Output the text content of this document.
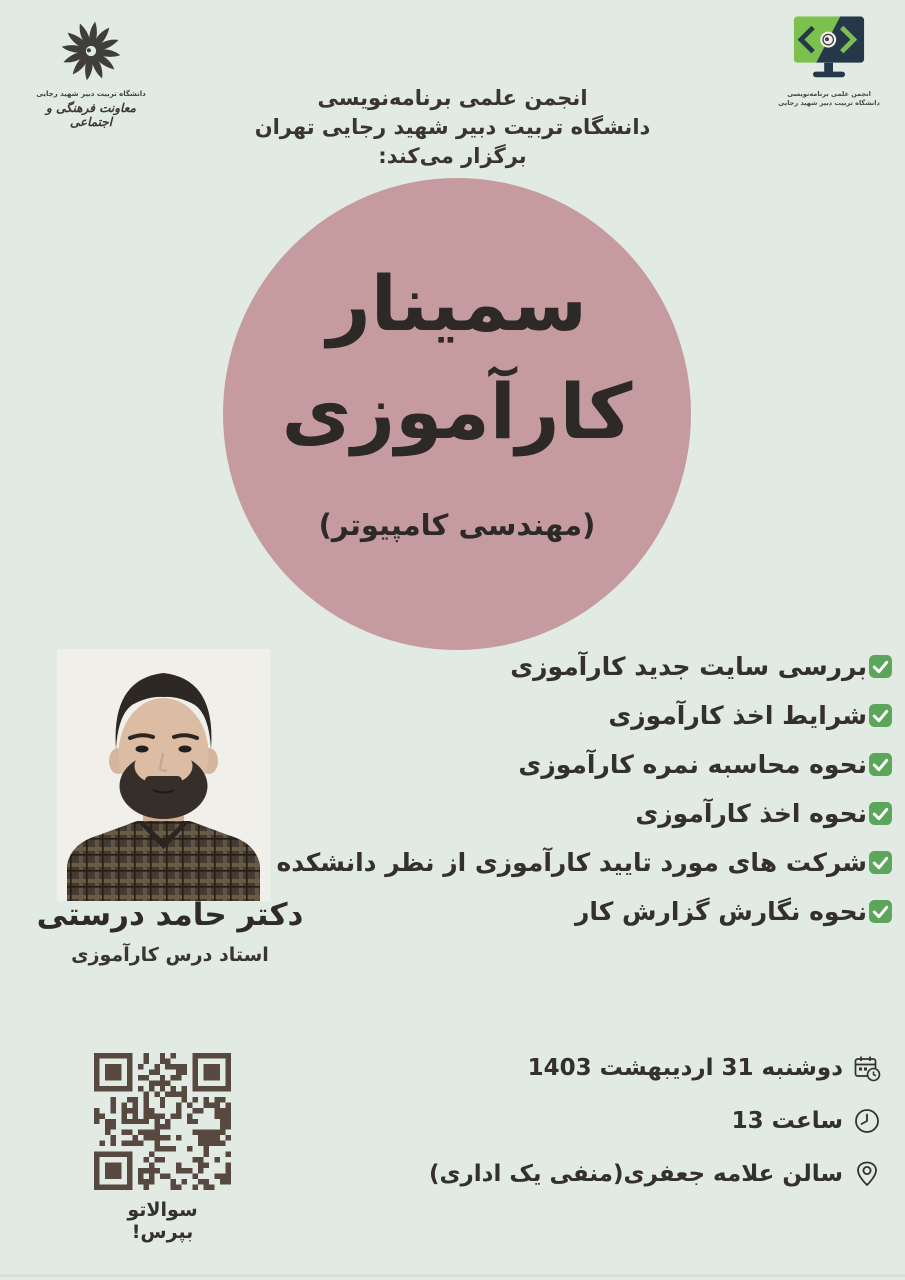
دانشگاه تربیت دبیر شهید رجایی
معاونت فرهنگی و اجتماعی
انجمن علمی برنامه‌نویسی
دانشگاه تربیت دبیر شهید رجایی
انجمن علمی برنامه‌نویسی
دانشگاه تربیت دبیر شهید رجایی تهران
برگزار می‌کند:
سمینار
کارآموزی
(مهندسی کامپیوتر)
بررسی سایت جدید کارآموزی
شرایط اخذ کارآموزی
نحوه محاسبه نمره کارآموزی
نحوه اخذ کارآموزی
شرکت های مورد تایید کارآموزی از نظر دانشکده
نحوه نگارش گزارش کار
دکتر حامد درستی
استاد درس کارآموزی
سوالاتو بپرس!
دوشنبه 31 اردیبهشت 1403
ساعت 13
سالن علامه جعفری(منفی یک اداری)
